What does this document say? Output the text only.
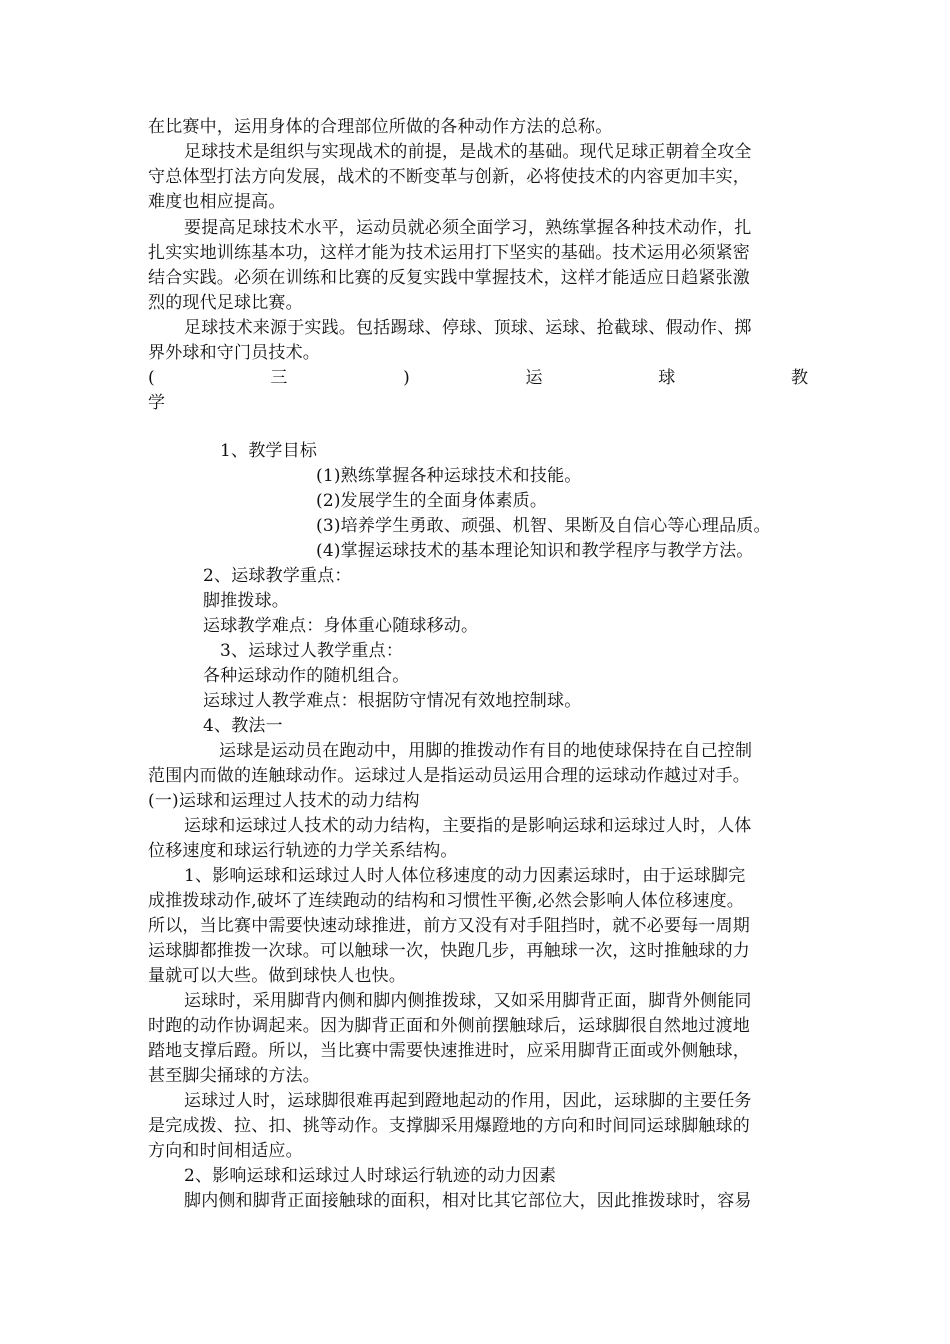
在比赛中，运用身体的合理部位所做的各种动作方法的总称。
足球技术是组织与实现战术的前提，是战术的基础。现代足球正朝着全攻全
守总体型打法方向发展，战术的不断变革与创新，必将使技术的内容更加丰实，
难度也相应提高。
要提高足球技术水平，运动员就必须全面学习，熟练掌握各种技术动作，扎
扎实实地训练基本功，这样才能为技术运用打下坚实的基础。技术运用必须紧密
结合实践。必须在训练和比赛的反复实践中掌握技术，这样才能适应日趋紧张激
烈的现代足球比赛。
足球技术来源于实践。包括踢球、停球、顶球、运球、抢截球、假动作、掷
界外球和守门员技术。
(	三	)	运	球	教
学
1、教学目标
(1)熟练掌握各种运球技术和技能。
(2)发展学生的全面身体素质。
(3)培养学生勇敢、顽强、机智、果断及自信心等心理品质。
(4)掌握运球技术的基本理论知识和教学程序与教学方法。
2、运球教学重点：
脚推拨球。
运球教学难点：身体重心随球移动。
3、运球过人教学重点：
各种运球动作的随机组合。
运球过人教学难点：根据防守情况有效地控制球。
4、教法一
运球是运动员在跑动中，用脚的推拨动作有目的地使球保持在自己控制
范围内而做的连触球动作。运球过人是指运动员运用合理的运球动作越过对手。
(一)运球和运理过人技术的动力结构
运球和运球过人技术的动力结构，主要指的是影响运球和运球过人时，人体
位移速度和球运行轨迹的力学关系结构。
1、影响运球和运球过人时人体位移速度的动力因素运球时，由于运球脚完
成推拨球动作,破坏了连续跑动的结构和习惯性平衡,必然会影响人体位移速度。
所以，当比赛中需要快速动球推进，前方又没有对手阻挡时，就不必要每一周期
运球脚都推拨一次球。可以触球一次，快跑几步，再触球一次，这时推触球的力
量就可以大些。做到球快人也快。
运球时，采用脚背内侧和脚内侧推拨球，又如采用脚背正面，脚背外侧能同
时跑的动作协调起来。因为脚背正面和外侧前摆触球后，运球脚很自然地过渡地
踏地支撑后蹬。所以，当比赛中需要快速推进时，应采用脚背正面或外侧触球，
甚至脚尖捅球的方法。
运球过人时，运球脚很难再起到蹬地起动的作用，因此，运球脚的主要任务
是完成拨、拉、扣、挑等动作。支撑脚采用爆蹬地的方向和时间同运球脚触球的
方向和时间相适应。
2、影响运球和运球过人时球运行轨迹的动力因素
脚内侧和脚背正面接触球的面积，相对比其它部位大，因此推拨球时，容易
